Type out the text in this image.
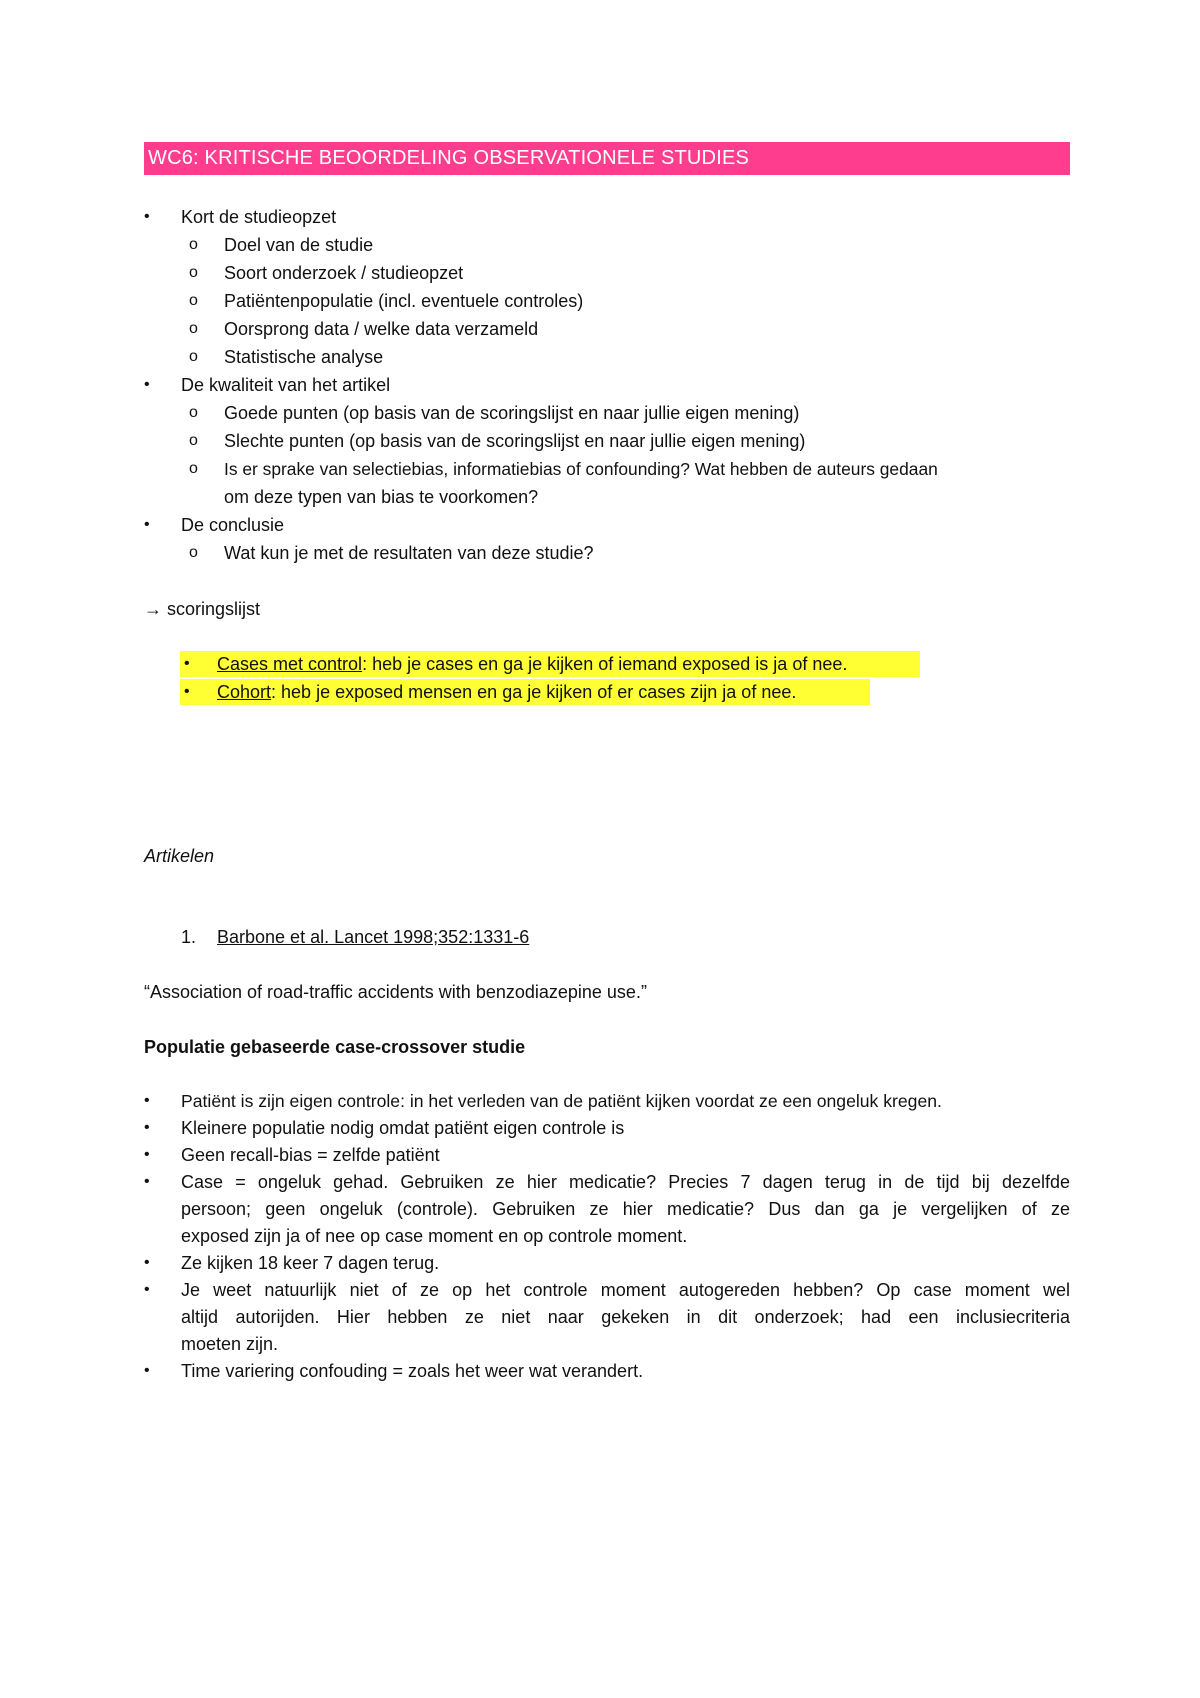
WC6: KRITISCHE BEOORDELING OBSERVATIONELE STUDIES
• Kort de studieopzet
o Doel van de studie
o Soort onderzoek / studieopzet
o Patiëntenpopulatie (incl. eventuele controles)
o Oorsprong data / welke data verzameld
o Statistische analyse
• De kwaliteit van het artikel
o Goede punten (op basis van de scoringslijst en naar jullie eigen mening)
o Slechte punten (op basis van de scoringslijst en naar jullie eigen mening)
o Is er sprake van selectiebias, informatiebias of confounding? Wat hebben de auteurs gedaan
om deze typen van bias te voorkomen?
• De conclusie
o Wat kun je met de resultaten van deze studie?
→ scoringslijst
• Cases met control: heb je cases en ga je kijken of iemand exposed is ja of nee.
• Cohort: heb je exposed mensen en ga je kijken of er cases zijn ja of nee.
Artikelen
1. Barbone et al. Lancet 1998;352:1331-6
“Association of road-traffic accidents with benzodiazepine use.”
Populatie gebaseerde case-crossover studie
• Patiënt is zijn eigen controle: in het verleden van de patiënt kijken voordat ze een ongeluk kregen.
• Kleinere populatie nodig omdat patiënt eigen controle is
• Geen recall-bias = zelfde patiënt
• Case = ongeluk gehad. Gebruiken ze hier medicatie? Precies 7 dagen terug in de tijd bij dezelfde
persoon; geen ongeluk (controle). Gebruiken ze hier medicatie? Dus dan ga je vergelijken of ze
exposed zijn ja of nee op case moment en op controle moment.
• Ze kijken 18 keer 7 dagen terug.
• Je weet natuurlijk niet of ze op het controle moment autogereden hebben? Op case moment wel
altijd autorijden. Hier hebben ze niet naar gekeken in dit onderzoek; had een inclusiecriteria
moeten zijn.
• Time variering confouding = zoals het weer wat verandert.
